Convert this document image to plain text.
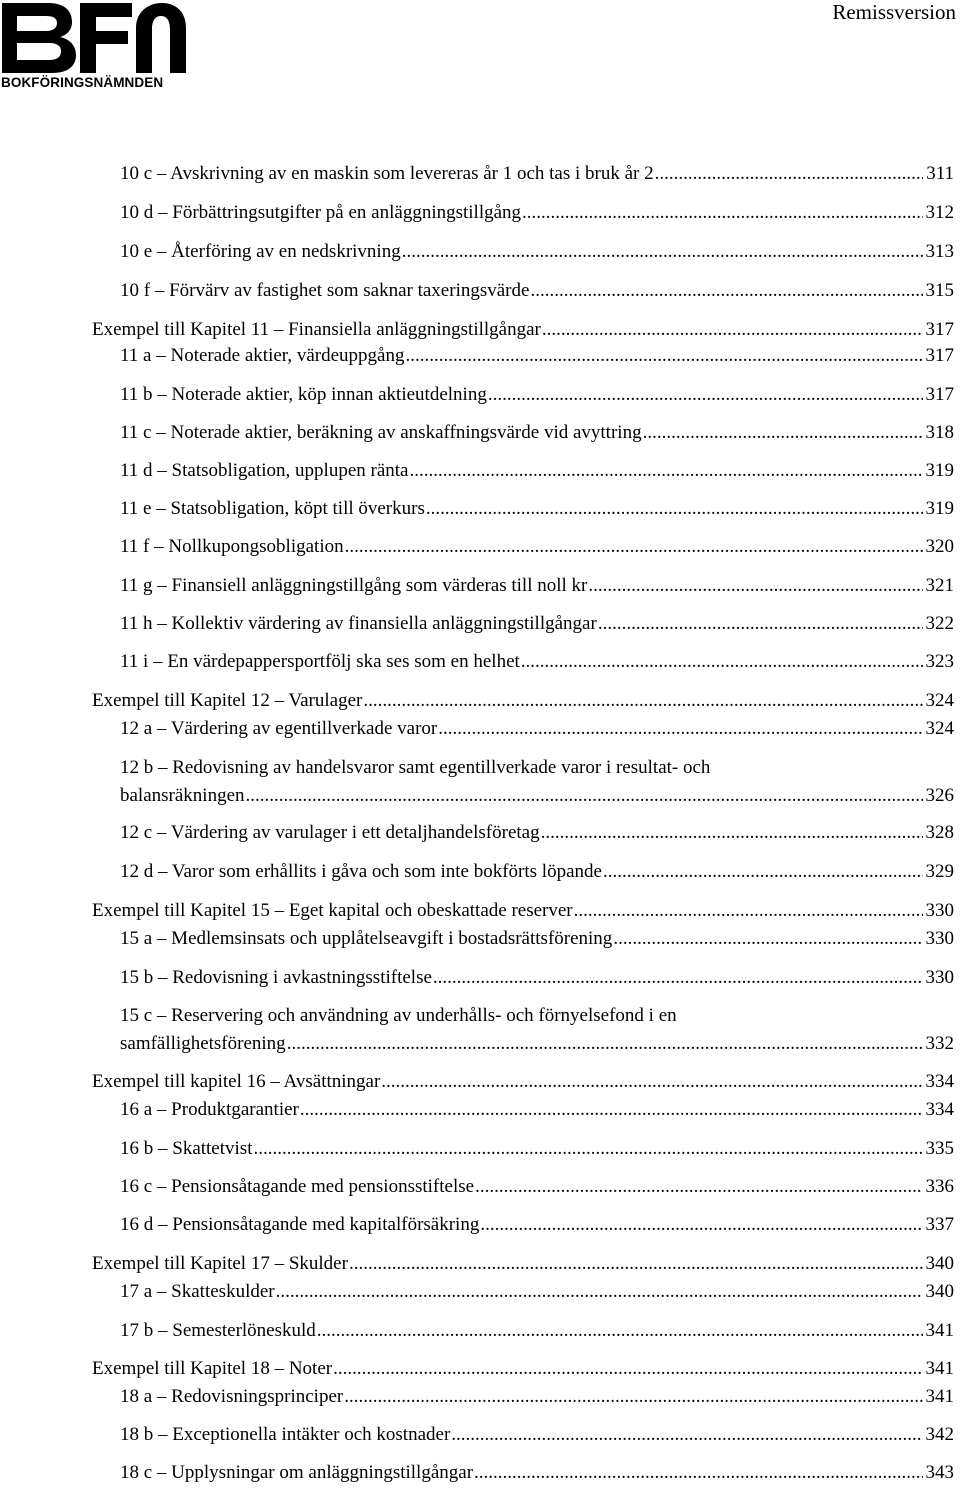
BOKFÖRINGSNÄMNDEN
Remissversion
10 c – Avskrivning av en maskin som levereras år 1 och tas i bruk år 2 .....	311
10 d – Förbättringsutgifter på en anläggningstillgång .....	312
10 e – Återföring av en nedskrivning .....	313
10 f – Förvärv av fastighet som saknar taxeringsvärde .....	315
Exempel till Kapitel 11 – Finansiella anläggningstillgångar .....	317
11 a – Noterade aktier, värdeuppgång .....	317
11 b – Noterade aktier, köp innan aktieutdelning .....	317
11 c – Noterade aktier, beräkning av anskaffningsvärde vid avyttring .....	318
11 d – Statsobligation, upplupen ränta .....	319
11 e – Statsobligation, köpt till överkurs .....	319
11 f – Nollkupongsobligation .....	320
11 g – Finansiell anläggningstillgång som värderas till noll kr .....	321
11 h – Kollektiv värdering av finansiella anläggningstillgångar .....	322
11 i – En värdepappersportfölj ska ses som en helhet .....	323
Exempel till Kapitel 12 – Varulager .....	324
12 a – Värdering av egentillverkade varor .....	324
12 b – Redovisning av handelsvaror samt egentillverkade varor i resultat- och
balansräkningen .....	326
12 c – Värdering av varulager i ett detaljhandelsföretag .....	328
12 d – Varor som erhållits i gåva och som inte bokförts löpande .....	329
Exempel till Kapitel 15 – Eget kapital och obeskattade reserver .....	330
15 a – Medlemsinsats och upplåtelseavgift i bostadsrättsförening .....	330
15 b – Redovisning i avkastningsstiftelse .....	330
15 c – Reservering och användning av underhålls- och förnyelsefond i en
samfällighetsförening .....	332
Exempel till kapitel 16 – Avsättningar .....	334
16 a – Produktgarantier .....	334
16 b – Skattetvist .....	335
16 c – Pensionsåtagande med pensionsstiftelse .....	336
16 d – Pensionsåtagande med kapitalförsäkring .....	337
Exempel till Kapitel 17 – Skulder .....	340
17 a – Skatteskulder .....	340
17 b – Semesterlöneskuld .....	341
Exempel till Kapitel 18 – Noter .....	341
18 a – Redovisningsprinciper .....	341
18 b – Exceptionella intäkter och kostnader .....	342
18 c – Upplysningar om anläggningstillgångar .....	343
